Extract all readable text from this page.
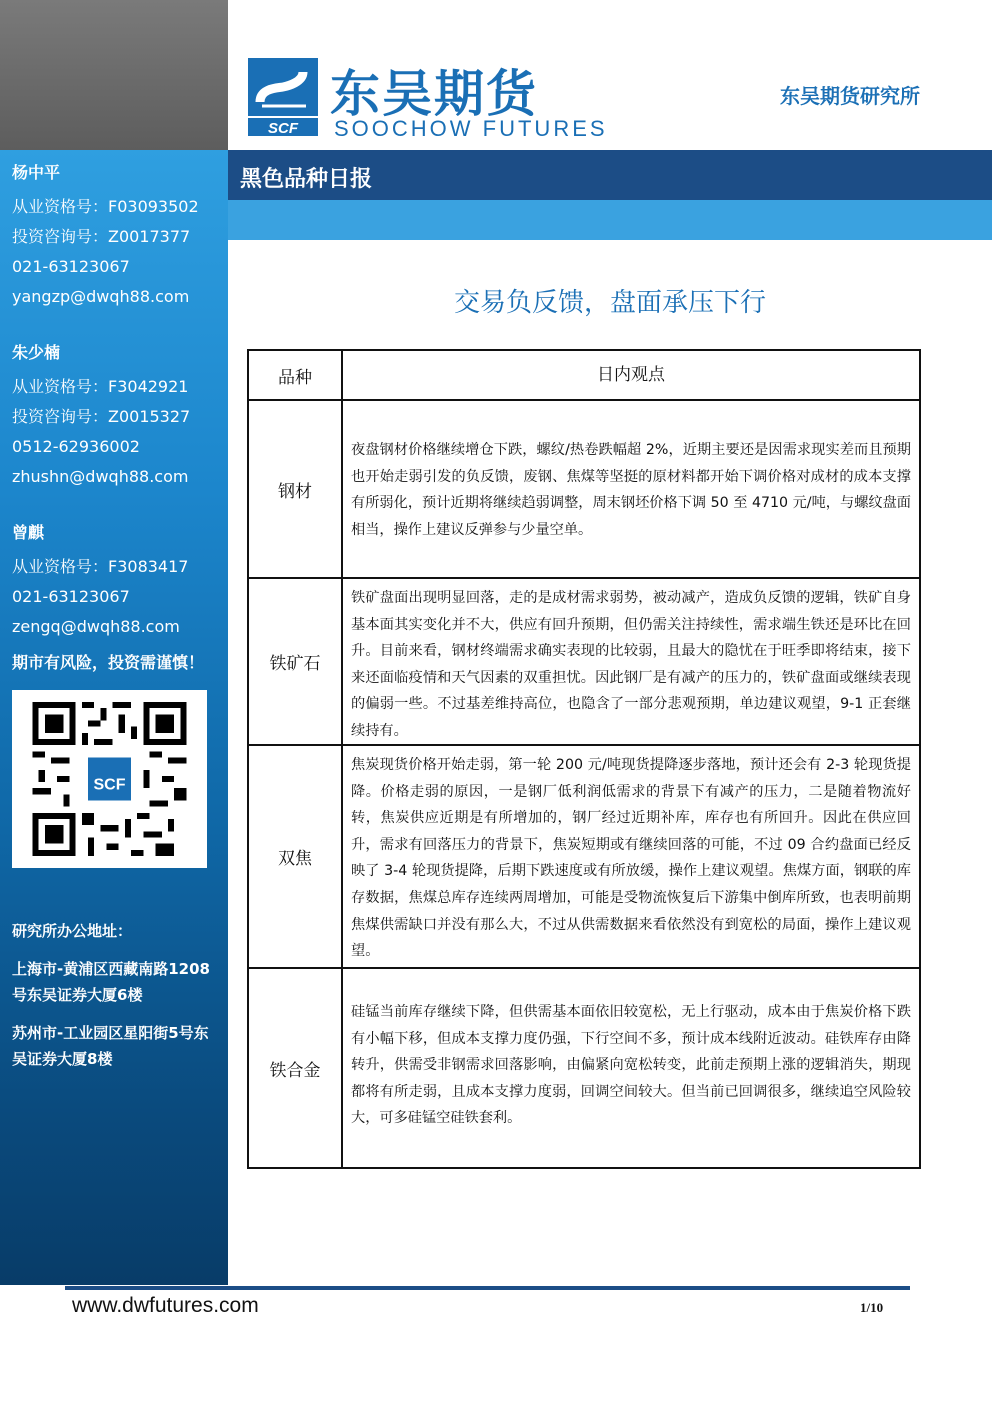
杨中平
从业资格号：F03093502
投资咨询号：Z0017377
021-63123067
yangzp@dwqh88.com
朱少楠
从业资格号：F3042921
投资咨询号：Z0015327
0512-62936002
zhushn@dwqh88.com
曾麒
从业资格号：F3083417
021-63123067
zengq@dwqh88.com
期市有风险，投资需谨慎！
SCF

研究所办公地址：

上海市-黄浦区西藏南路1208号东吴证券大厦6楼

苏州市-工业园区星阳街5号东吴证券大厦8楼

SCF
东吴期货
SOOCHOW FUTURES
东吴期货研究所
黑色品种日报
交易负反馈，盘面承压下行
品种	日内观点
钢材
夜盘钢材价格继续增仓下跌，螺纹/热卷跌幅超 2%，近期主要还是因需求现实差而且预期也开始走弱引发的负反馈，废钢、焦煤等坚挺的原材料都开始下调价格对成材的成本支撑有所弱化，预计近期将继续趋弱调整，周末钢坯价格下调 50 至 4710 元/吨，与螺纹盘面相当，操作上建议反弹参与少量空单。
铁矿石
铁矿盘面出现明显回落，走的是成材需求弱势，被动减产，造成负反馈的逻辑，铁矿自身基本面其实变化并不大，供应有回升预期，但仍需关注持续性，需求端生铁还是环比在回升。目前来看，钢材终端需求确实表现的比较弱，且最大的隐忧在于旺季即将结束，接下来还面临疫情和天气因素的双重担忧。因此钢厂是有减产的压力的，铁矿盘面或继续表现的偏弱一些。不过基差维持高位，也隐含了一部分悲观预期，单边建议观望，9-1 正套继续持有。
双焦
焦炭现货价格开始走弱，第一轮 200 元/吨现货提降逐步落地，预计还会有 2-3 轮现货提降。价格走弱的原因，一是钢厂低利润低需求的背景下有减产的压力，二是随着物流好转，焦炭供应近期是有所增加的，钢厂经过近期补库，库存也有所回升。因此在供应回升，需求有回落压力的背景下，焦炭短期或有继续回落的可能，不过 09 合约盘面已经反映了 3-4 轮现货提降，后期下跌速度或有所放缓，操作上建议观望。焦煤方面，钢联的库存数据，焦煤总库存连续两周增加，可能是受物流恢复后下游集中倒库所致，也表明前期焦煤供需缺口并没有那么大，不过从供需数据来看依然没有到宽松的局面，操作上建议观望。
铁合金
硅锰当前库存继续下降，但供需基本面依旧较宽松，无上行驱动，成本由于焦炭价格下跌有小幅下移，但成本支撑力度仍强，下行空间不多，预计成本线附近波动。硅铁库存由降转升，供需受非钢需求回落影响，由偏紧向宽松转变，此前走预期上涨的逻辑消失，期现都将有所走弱，且成本支撑力度弱，回调空间较大。但当前已回调很多，继续追空风险较大，可多硅锰空硅铁套利。
www.dwfutures.com	1/10
